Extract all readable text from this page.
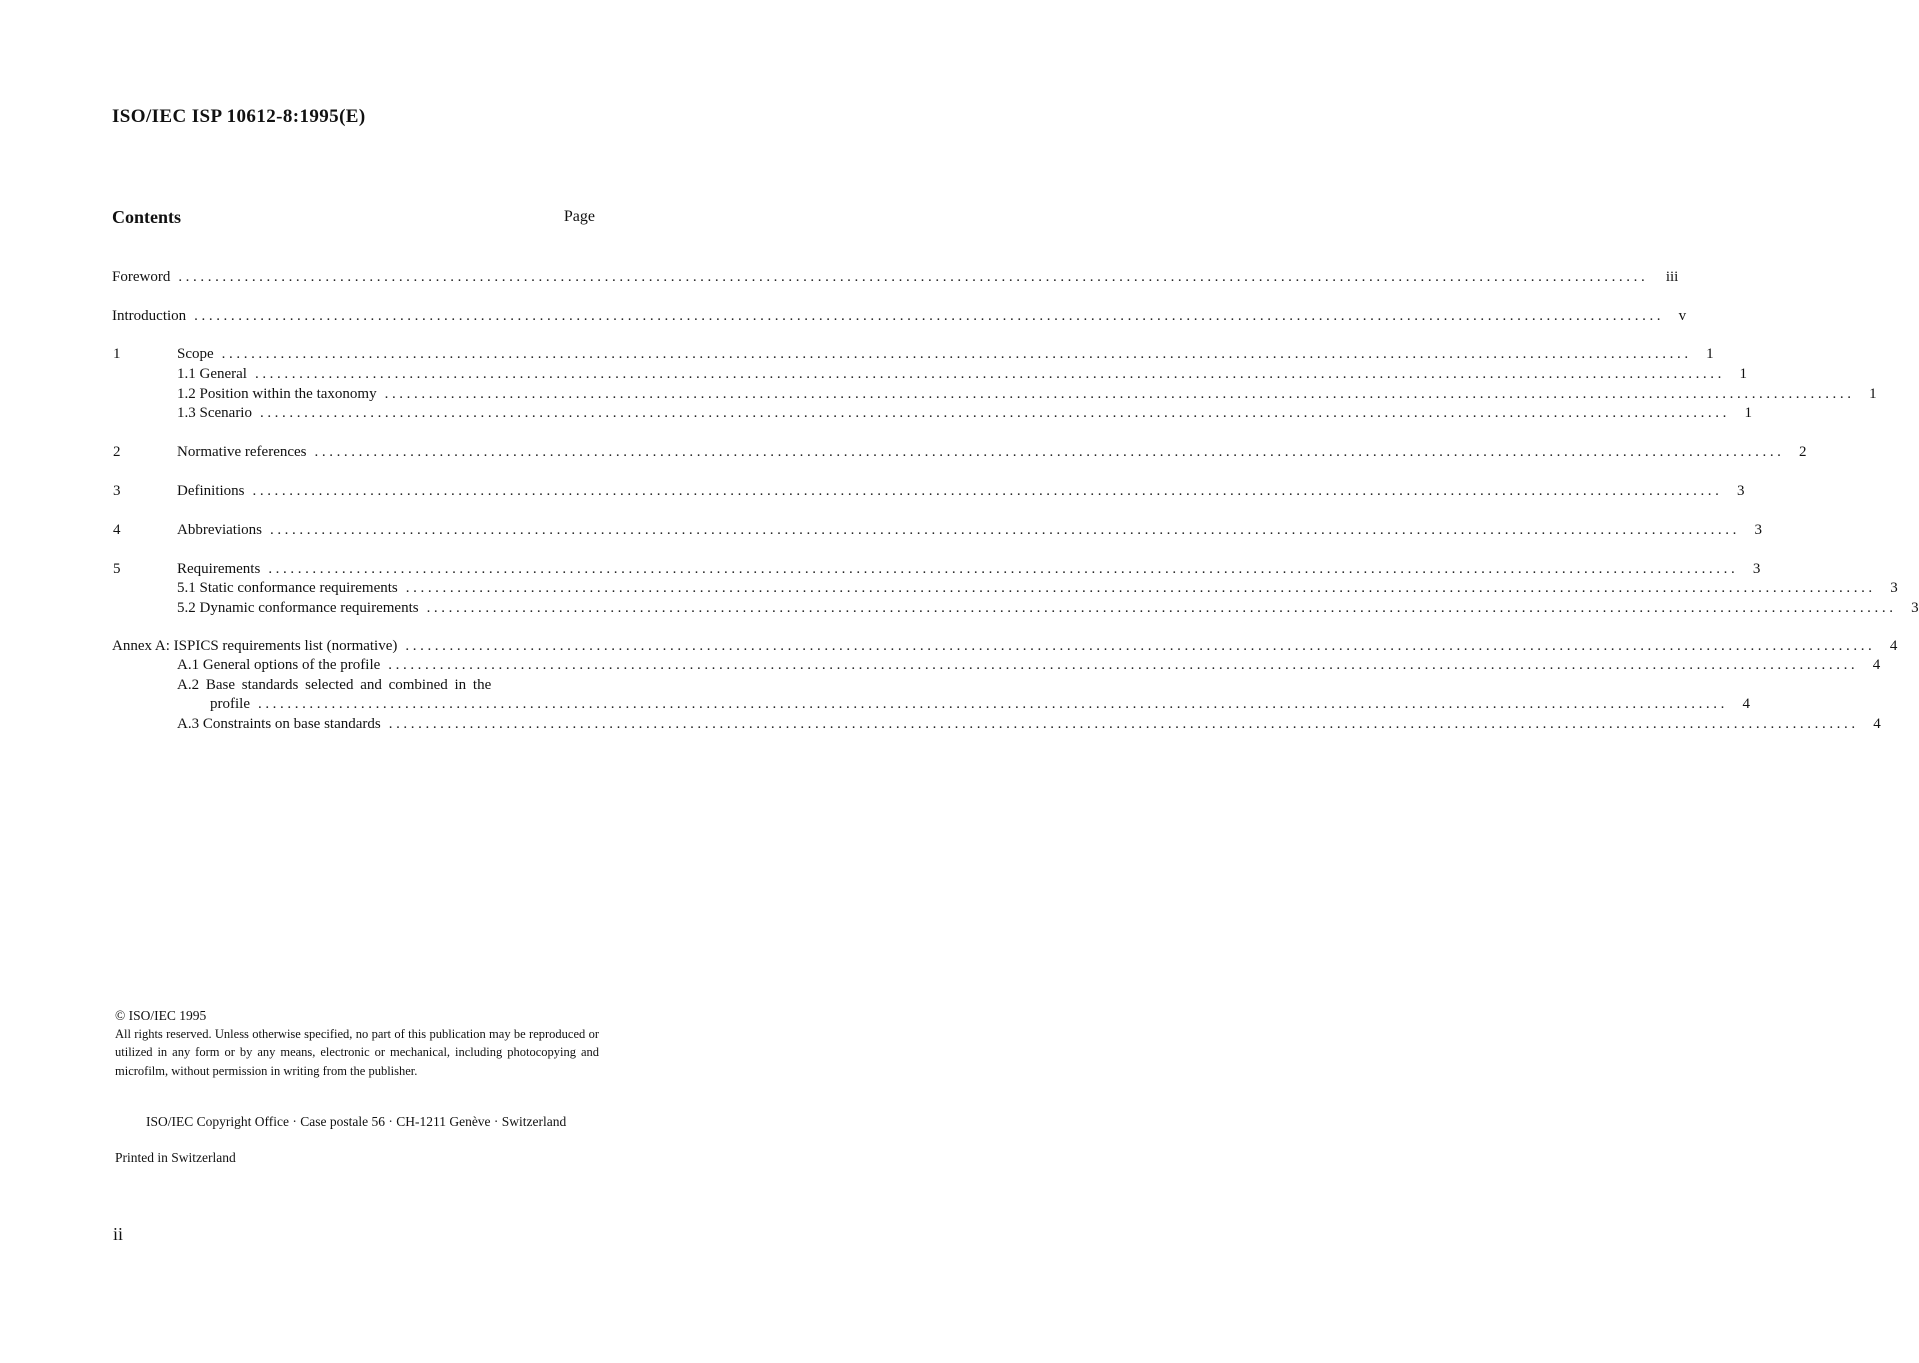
ISO/IEC ISP 10612-8:1995(E)
Contents	Page
Foreword ........................................................................................................................................................................................................	iii
Introduction ........................................................................................................................................................................................................ v
1	Scope ........................................................................................................................................................................................................ 1
1.1 General ........................................................................................................................................................................................................ 1
1.2 Position within the taxonomy ........................................................................................................................................................................................................ 1
1.3 Scenario ........................................................................................................................................................................................................ 1
2	Normative references ........................................................................................................................................................................................................ 2
3	Definitions ........................................................................................................................................................................................................ 3
4	Abbreviations ........................................................................................................................................................................................................ 3
5	Requirements ........................................................................................................................................................................................................ 3
5.1 Static conformance requirements ........................................................................................................................................................................................................ 3
5.2 Dynamic conformance requirements ........................................................................................................................................................................................................ 3
Annex A: ISPICS requirements list (normative) ........................................................................................................................................................................................................ 4
A.1 General options of the profile ........................................................................................................................................................................................................ 4
A.2 Base standards selected and combined in the
profile ........................................................................................................................................................................................................ 4
A.3 Constraints on base standards ........................................................................................................................................................................................................ 4
© ISO/IEC 1995
All rights reserved. Unless otherwise specified, no part of this publication may be reproduced or utilized in any form or by any means, electronic or mechanical, including photocopying and microfilm, without permission in writing from the publisher.
ISO/IEC Copyright Office · Case postale 56 · CH-1211 Genève · Switzerland
Printed in Switzerland
ii
